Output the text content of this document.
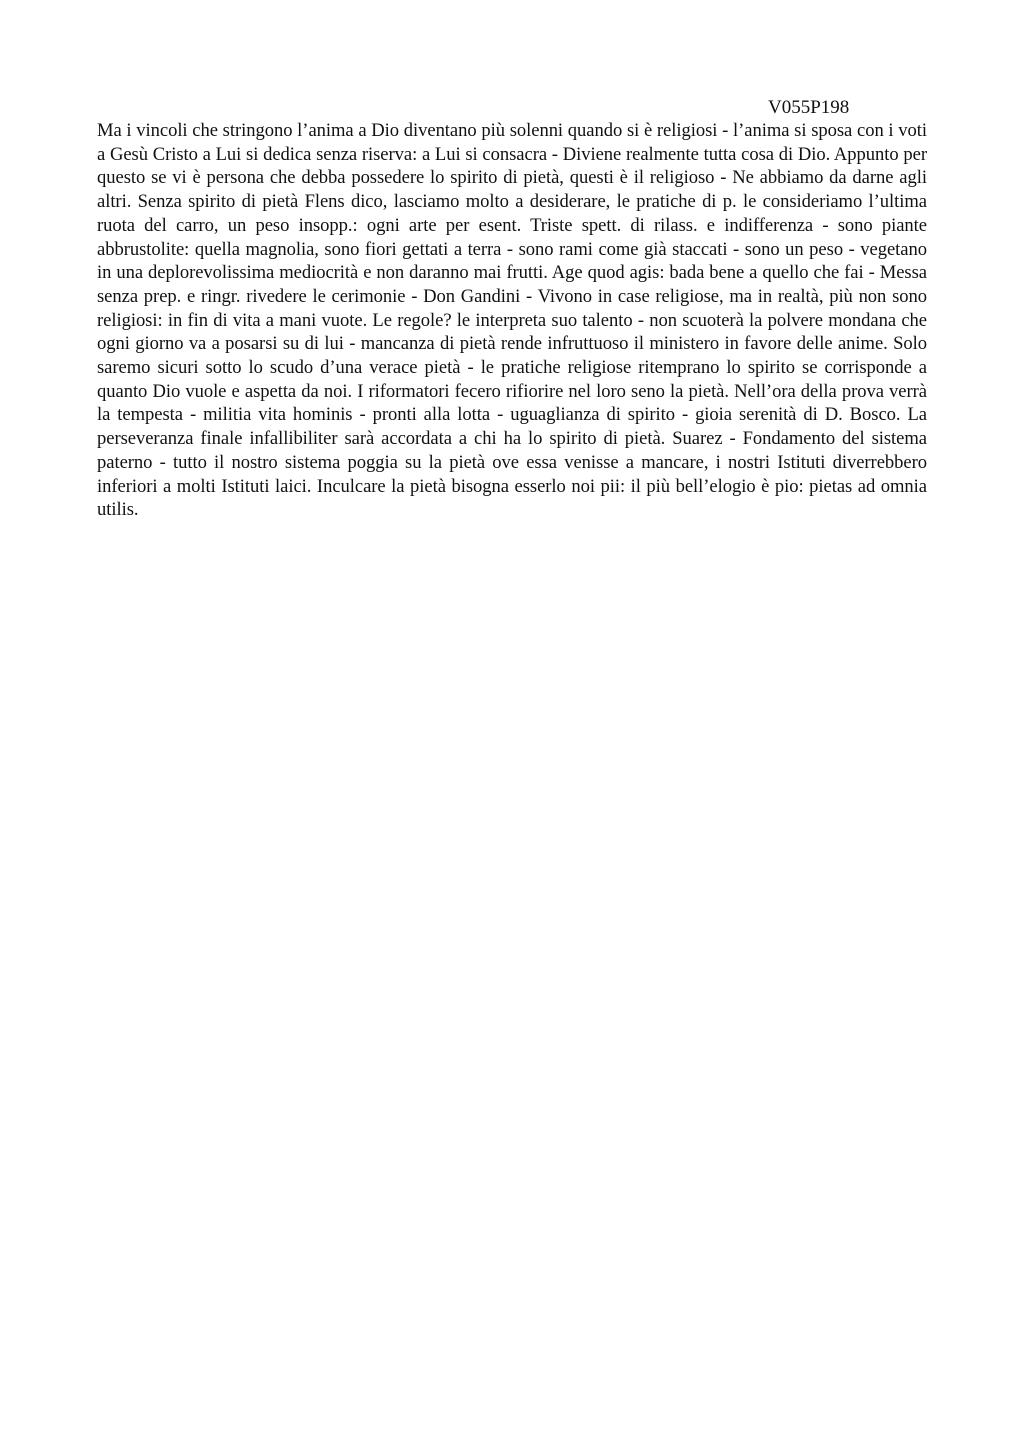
V055P198

Ma i vincoli che stringono l’anima a Dio diventano più solenni quando si è religiosi - l’anima si sposa con i voti a Gesù Cristo a Lui si dedica senza riserva: a Lui si consacra - Diviene realmente tutta cosa di Dio. Appunto per questo se vi è persona che debba possedere lo spirito di pietà, questi è il religioso - Ne abbiamo da darne agli altri. Senza spirito di pietà Flens dico, lasciamo molto a desiderare, le pratiche di p. le consideriamo l’ultima ruota del carro, un peso insopp.: ogni arte per esent. Triste spett. di rilass. e indifferenza - sono piante abbrustolite: quella magnolia, sono fiori gettati a terra - sono rami come già staccati - sono un peso - vegetano in una deplorevolissima mediocrità e non daranno mai frutti. Age quod agis: bada bene a quello che fai - Messa senza prep. e ringr. rivedere le cerimonie - Don Gandini - Vivono in case religiose, ma in realtà, più non sono religiosi: in fin di vita a mani vuote. Le regole? le interpreta suo talento - non scuoterà la polvere mondana che ogni giorno va a posarsi su di lui - mancanza di pietà rende infruttuoso il ministero in favore delle anime. Solo saremo sicuri sotto lo scudo d’una verace pietà - le pratiche religiose ritemprano lo spirito se corrisponde a quanto Dio vuole e aspetta da noi. I riformatori fecero rifiorire nel loro seno la pietà. Nell’ora della prova verrà la tempesta - militia vita hominis - pronti alla lotta - uguaglianza di spirito - gioia serenità di D. Bosco. La perseveranza finale infallibiliter sarà accordata a chi ha lo spirito di pietà. Suarez - Fondamento del sistema paterno - tutto il nostro sistema poggia su la pietà ove essa venisse a mancare, i nostri Istituti diverrebbero inferiori a molti Istituti laici. Inculcare la pietà bisogna esserlo noi pii: il più bell’elogio è pio: pietas ad omnia utilis.
